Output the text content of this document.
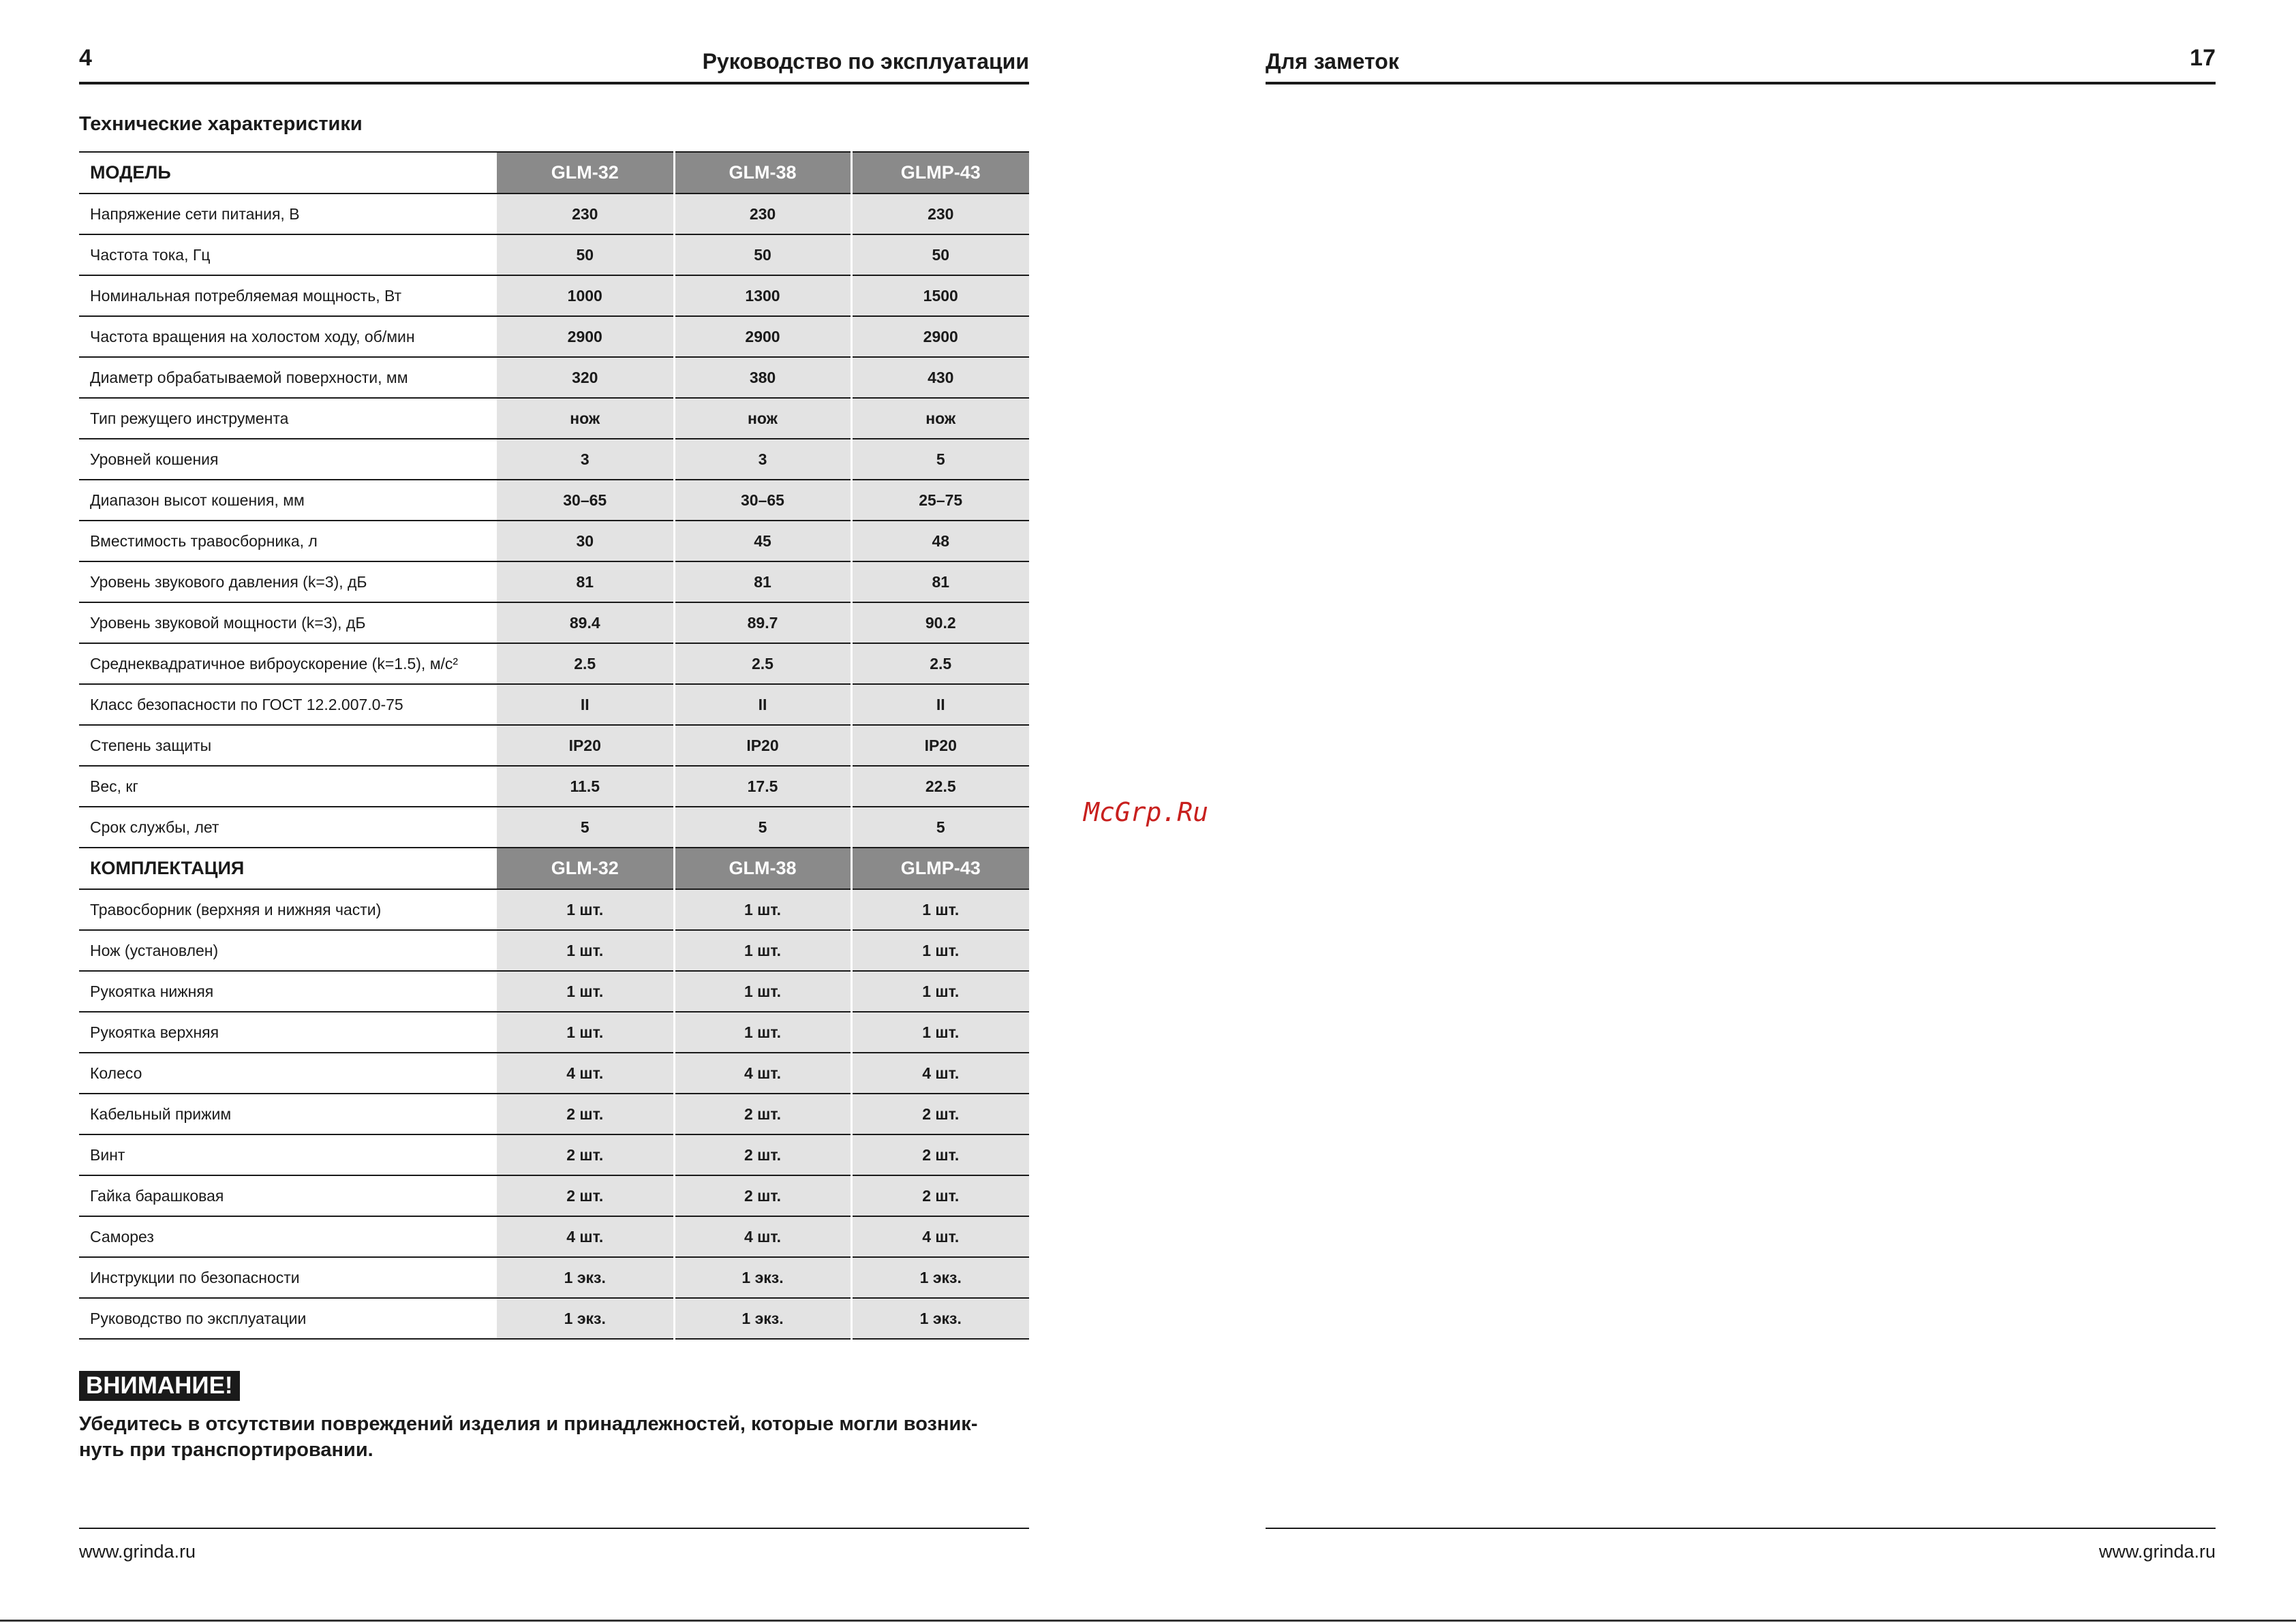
4	Руководство по эксплуатации
Технические характеристики
МОДЕЛЬ	GLM-32	GLM-38	GLMP-43
Напряжение сети питания, В	230	230	230
Частота тока, Гц	50	50	50
Номинальная потребляемая мощность, Вт	1000	1300	1500
Частота вращения на холостом ходу, об/мин	2900	2900	2900
Диаметр обрабатываемой поверхности, мм	320	380	430
Тип режущего инструмента	нож	нож	нож
Уровней кошения	3	3	5
Диапазон высот кошения, мм	30–65	30–65	25–75
Вместимость травосборника, л	30	45	48
Уровень звукового давления (k=3), дБ	81	81	81
Уровень звуковой мощности (k=3), дБ	89.4	89.7	90.2
Среднеквадратичное виброускорение (k=1.5), м/с²	2.5	2.5	2.5
Класс безопасности по ГОСТ 12.2.007.0-75	II	II	II
Степень защиты	IP20	IP20	IP20
Вес, кг	11.5	17.5	22.5
Срок службы, лет	5	5	5
КОМПЛЕКТАЦИЯ	GLM-32	GLM-38	GLMP-43
Травосборник (верхняя и нижняя части)	1 шт.	1 шт.	1 шт.
Нож (установлен)	1 шт.	1 шт.	1 шт.
Рукоятка нижняя	1 шт.	1 шт.	1 шт.
Рукоятка верхняя	1 шт.	1 шт.	1 шт.
Колесо	4 шт.	4 шт.	4 шт.
Кабельный прижим	2 шт.	2 шт.	2 шт.
Винт	2 шт.	2 шт.	2 шт.
Гайка барашковая	2 шт.	2 шт.	2 шт.
Саморез	4 шт.	4 шт.	4 шт.
Инструкции по безопасности	1 экз.	1 экз.	1 экз.
Руководство по эксплуатации	1 экз.	1 экз.	1 экз.
ВНИМАНИЕ!
Убедитесь в отсутствии повреждений изделия и принадлежностей, которые могли возник-
нуть при транспортировании.
www.grinda.ru
Для заметок	17
www.grinda.ru
McGrp.Ru
